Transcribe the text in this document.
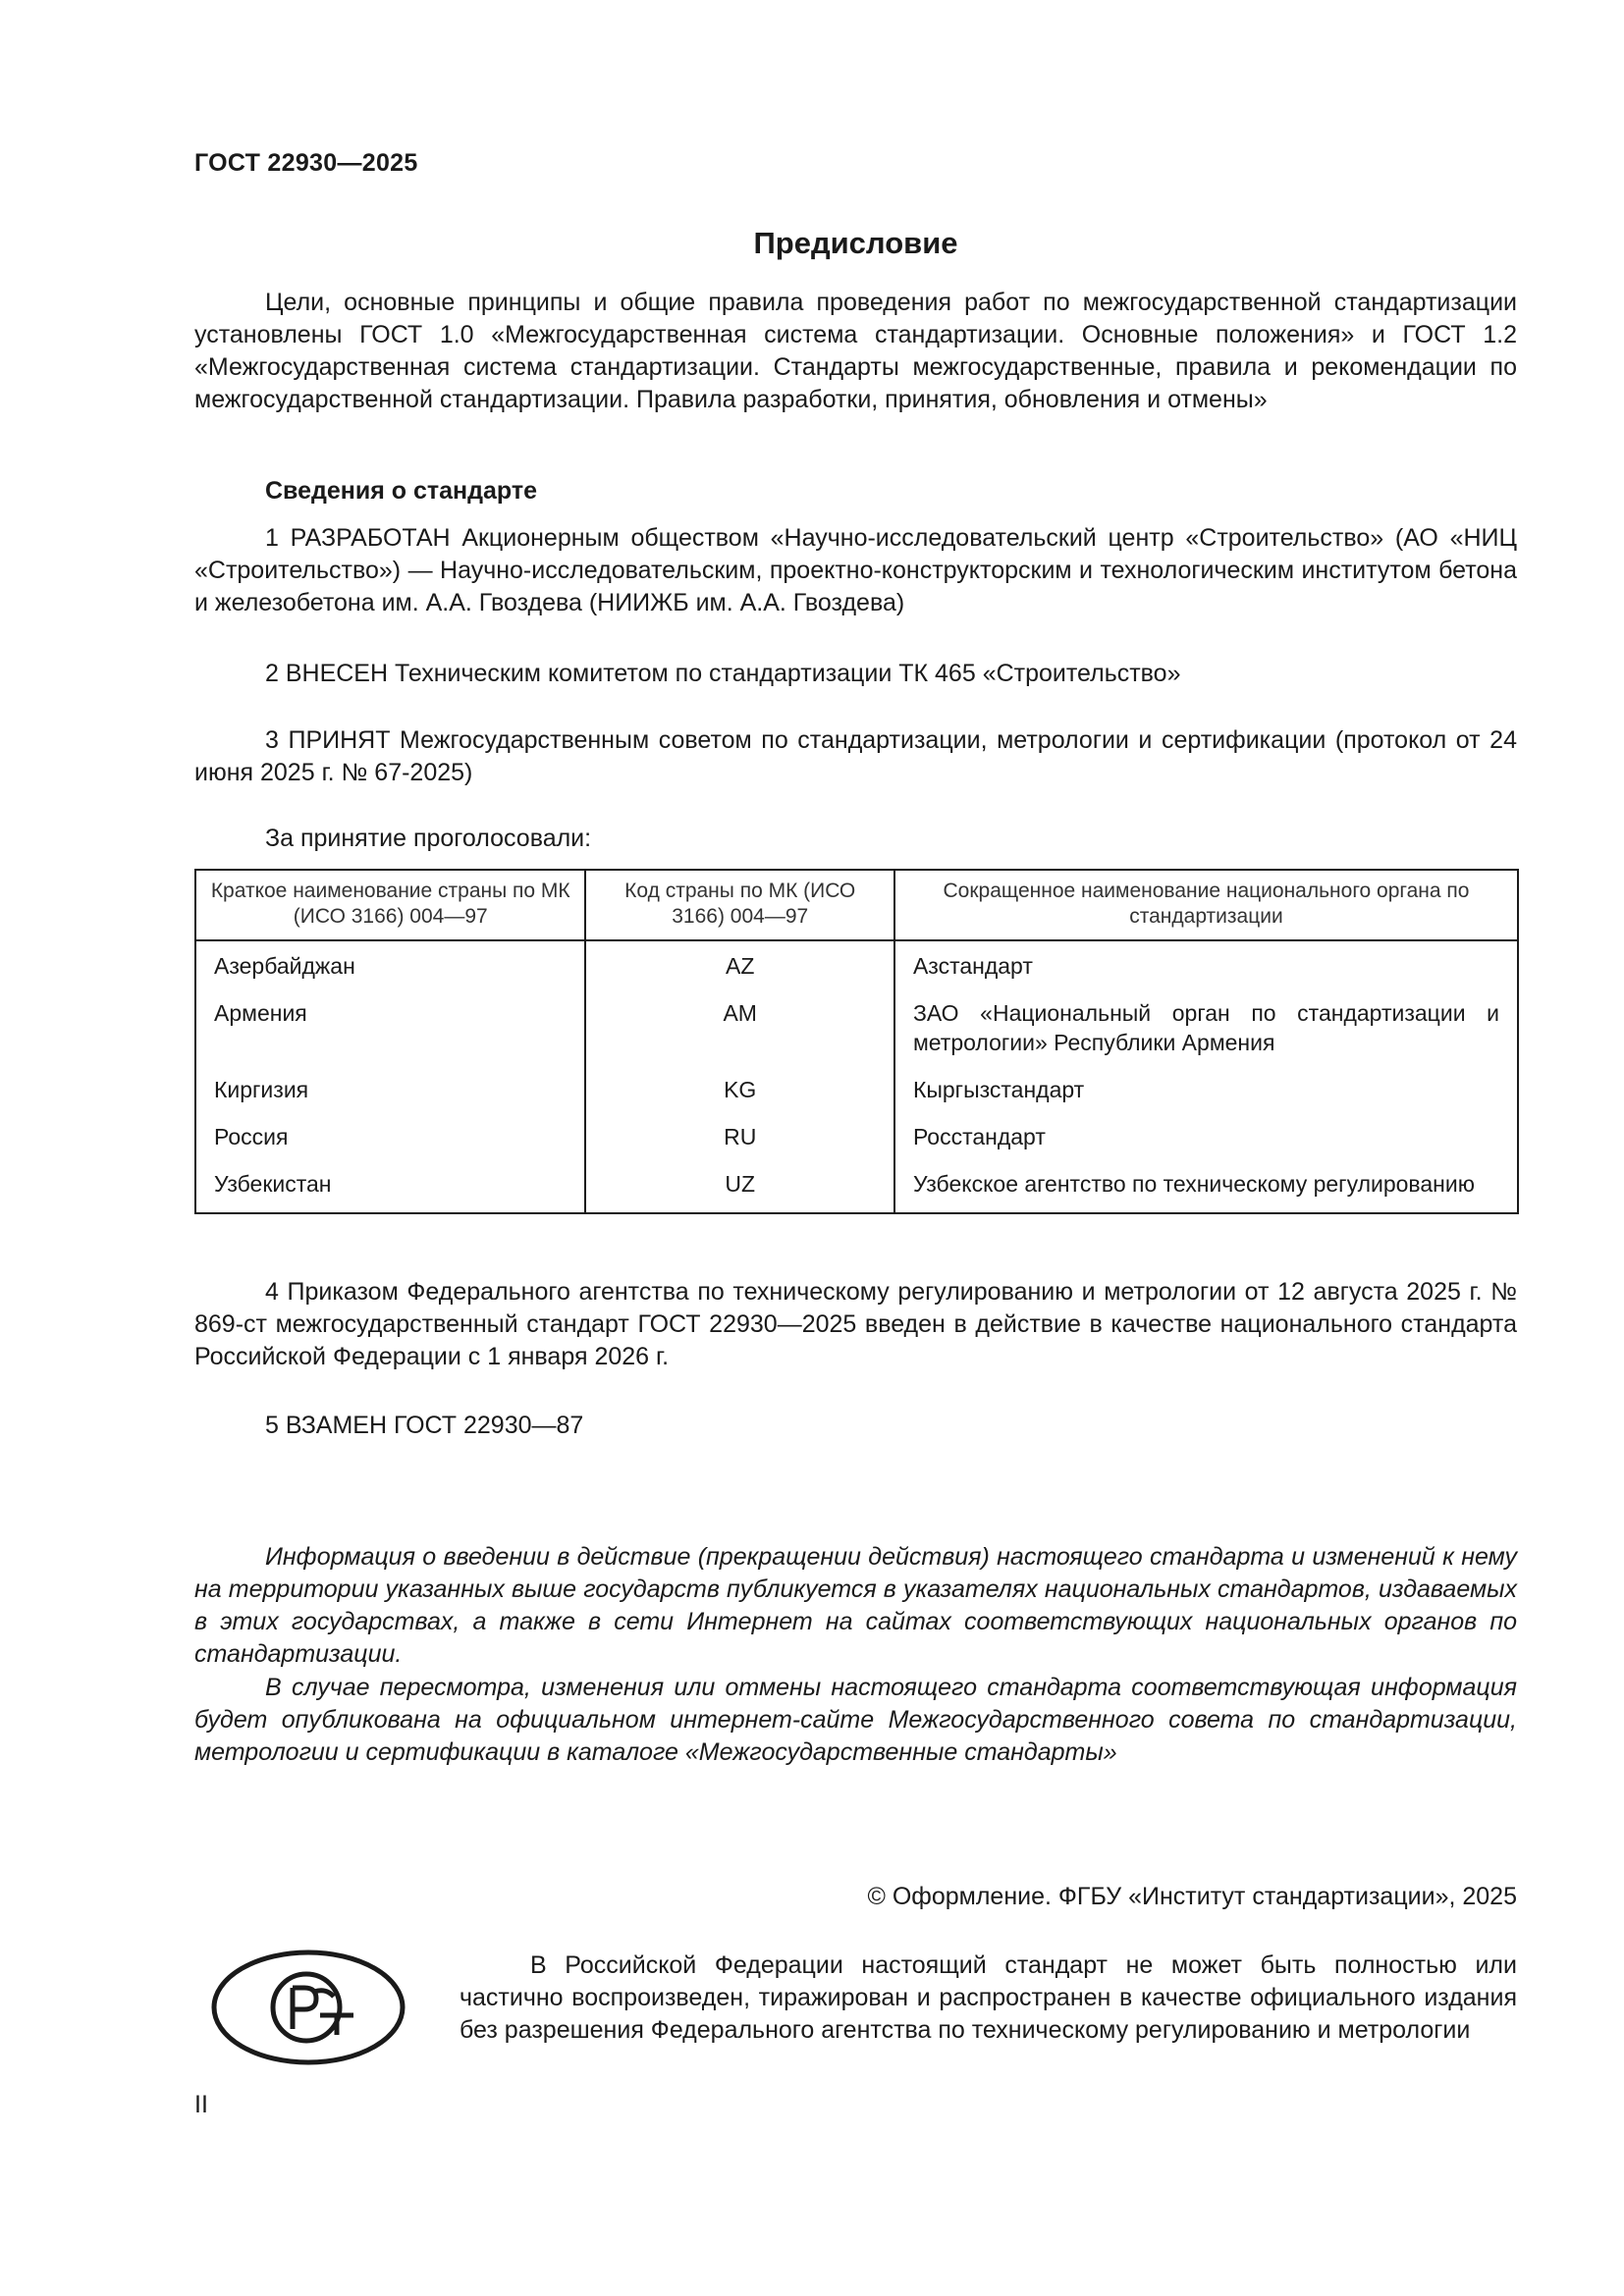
ГОСТ 22930—2025
Предисловие
Цели, основные принципы и общие правила проведения работ по межгосударственной стандартизации установлены ГОСТ 1.0 «Межгосударственная система стандартизации. Основные положения» и ГОСТ 1.2 «Межгосударственная система стандартизации. Стандарты межгосударственные, правила и рекомендации по межгосударственной стандартизации. Правила разработки, принятия, обновления и отмены»
Сведения о стандарте
1 РАЗРАБОТАН Акционерным обществом «Научно-исследовательский центр «Строительство» (АО «НИЦ «Строительство») — Научно-исследовательским, проектно-конструкторским и технологическим институтом бетона и железобетона им. А.А. Гвоздева (НИИЖБ им. А.А. Гвоздева)
2 ВНЕСЕН Техническим комитетом по стандартизации ТК 465 «Строительство»
3 ПРИНЯТ Межгосударственным советом по стандартизации, метрологии и сертификации (протокол от 24 июня 2025 г. № 67-2025)
За принятие проголосовали:
Краткое наименование страны по МК (ИСО 3166) 004—97	Код страны по МК (ИСО 3166) 004—97	Сокращенное наименование национального органа по стандартизации
Азербайджан	AZ	Азстандарт
Армения	AM	ЗАО «Национальный орган по стандартизации и метрологии» Республики Армения
Киргизия	KG	Кыргызстандарт
Россия	RU	Росстандарт
Узбекистан	UZ	Узбекское агентство по техническому регулированию
4 Приказом Федерального агентства по техническому регулированию и метрологии от 12 августа 2025 г. № 869-ст межгосударственный стандарт ГОСТ 22930—2025 введен в действие в качестве национального стандарта Российской Федерации с 1 января 2026 г.
5 ВЗАМЕН ГОСТ 22930—87
Информация о введении в действие (прекращении действия) настоящего стандарта и изменений к нему на территории указанных выше государств публикуется в указателях национальных стандартов, издаваемых в этих государствах, а также в сети Интернет на сайтах соответствующих национальных органов по стандартизации.
В случае пересмотра, изменения или отмены настоящего стандарта соответствующая информация будет опубликована на официальном интернет-сайте Межгосударственного совета по стандартизации, метрологии и сертификации в каталоге «Межгосударственные стандарты»
© Оформление. ФГБУ «Институт стандартизации», 2025
В Российской Федерации настоящий стандарт не может быть полностью или частично воспроизведен, тиражирован и распространен в качестве официального издания без разрешения Федерального агентства по техническому регулированию и метрологии
II
